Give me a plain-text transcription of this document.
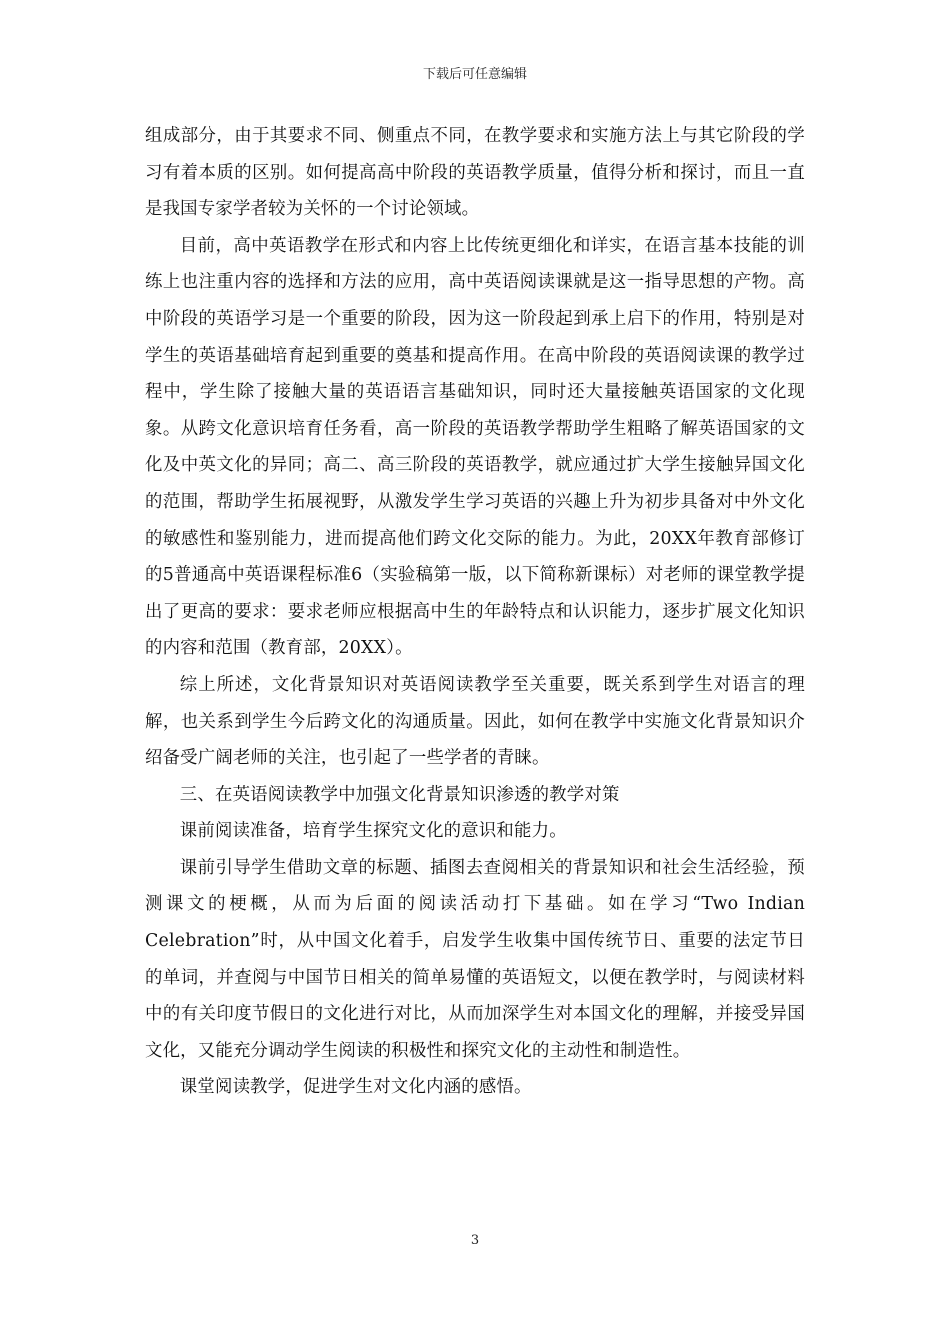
下载后可任意编辑

组成部分，由于其要求不同、侧重点不同，在教学要求和实施方法上与其它阶段的学习有着本质的区别。如何提高高中阶段的英语教学质量，值得分析和探讨，而且一直是我国专家学者较为关怀的一个讨论领域。

目前，高中英语教学在形式和内容上比传统更细化和详实，在语言基本技能的训练上也注重内容的选择和方法的应用，高中英语阅读课就是这一指导思想的产物。高中阶段的英语学习是一个重要的阶段，因为这一阶段起到承上启下的作用，特别是对学生的英语基础培育起到重要的奠基和提高作用。在高中阶段的英语阅读课的教学过程中，学生除了接触大量的英语语言基础知识，同时还大量接触英语国家的文化现象。从跨文化意识培育任务看，高一阶段的英语教学帮助学生粗略了解英语国家的文化及中英文化的异同；高二、高三阶段的英语教学，就应通过扩大学生接触异国文化的范围，帮助学生拓展视野，从激发学生学习英语的兴趣上升为初步具备对中外文化的敏感性和鉴别能力，进而提高他们跨文化交际的能力。为此，20XX年教育部修订的5普通高中英语课程标准6（实验稿第一版，以下简称新课标）对老师的课堂教学提出了更高的要求：要求老师应根据高中生的年龄特点和认识能力，逐步扩展文化知识的内容和范围（教育部，20XX）。

综上所述，文化背景知识对英语阅读教学至关重要，既关系到学生对语言的理解，也关系到学生今后跨文化的沟通质量。因此，如何在教学中实施文化背景知识介绍备受广阔老师的关注，也引起了一些学者的青睐。

三、在英语阅读教学中加强文化背景知识渗透的教学对策

课前阅读准备，培育学生探究文化的意识和能力。

课前引导学生借助文章的标题、插图去查阅相关的背景知识和社会生活经验，预测课文的梗概，从而为后面的阅读活动打下基础。如在学习“Two Indian Celebration”时，从中国文化着手，启发学生收集中国传统节日、重要的法定节日的单词，并查阅与中国节日相关的简单易懂的英语短文，以便在教学时，与阅读材料中的有关印度节假日的文化进行对比，从而加深学生对本国文化的理解，并接受异国文化，又能充分调动学生阅读的积极性和探究文化的主动性和制造性。

课堂阅读教学，促进学生对文化内涵的感悟。

3
